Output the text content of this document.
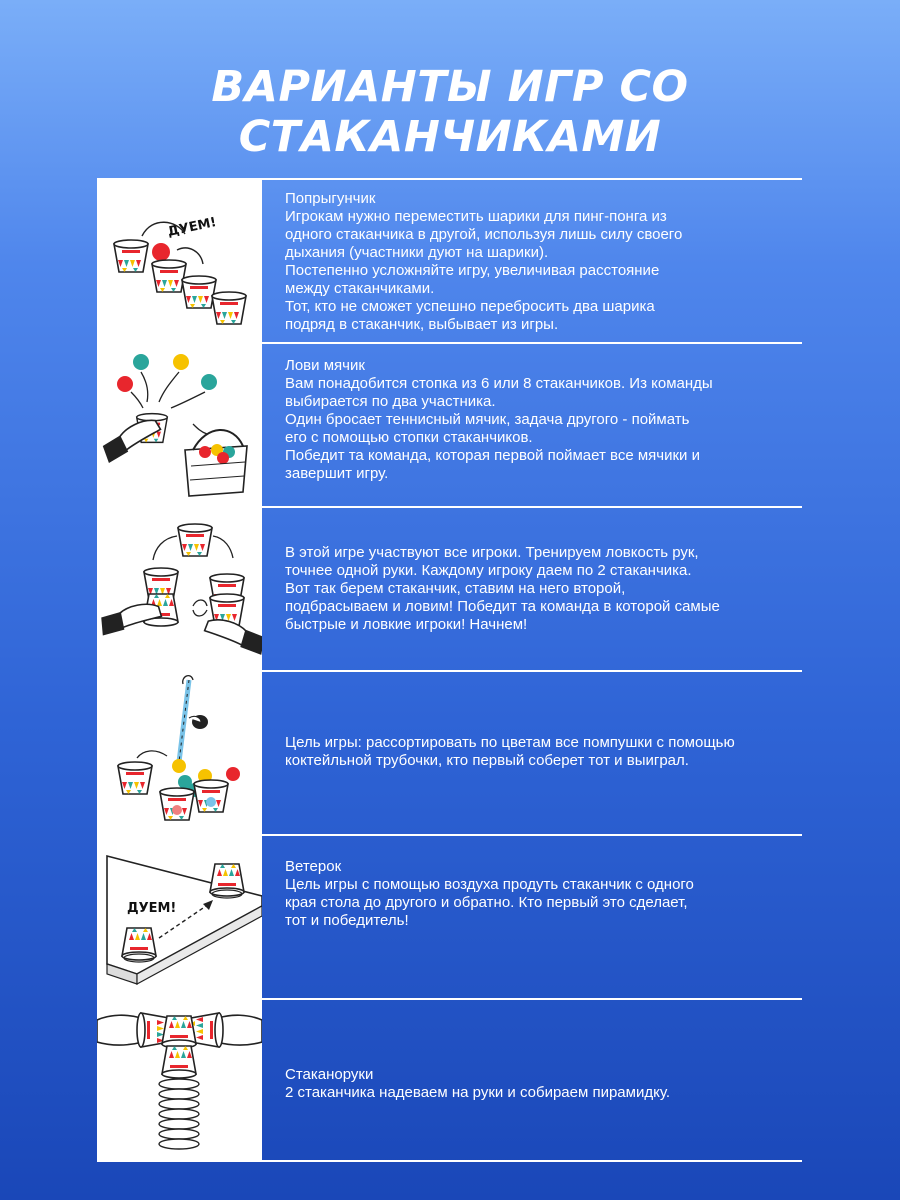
ВАРИАНТЫ ИГР СО СТАКАНЧИКАМИ
ДУЕМ!

Попрыгунчик

Игрокам нужно переместить шарики для пинг-понга из

одного стаканчика в другой, используя лишь силу своего

дыхания (участники дуют на шарики).

Постепенно усложняйте игру, увеличивая расстояние

между стаканчиками.

Тот, кто не сможет успешно перебросить два шарика

подряд в стаканчик, выбывает из игры.

Лови мячик

Вам понадобится стопка из 6 или 8 стаканчиков. Из команды

выбирается по два участника.

Один бросает теннисный мячик, задача другого - поймать

его с помощью стопки стаканчиков.

Победит та команда, которая первой поймает все мячики и

завершит игру.

В этой игре участвуют все игроки. Тренируем ловкость рук,

точнее одной руки. Каждому игроку даем по 2 стаканчика.

Вот так берем стаканчик, ставим на него второй,

подбрасываем и ловим! Победит та команда в которой самые

быстрые и ловкие игроки! Начнем!

Цель игры: рассортировать по цветам все помпушки с помощью

коктейльной трубочки, кто первый соберет тот и выиграл.

ДУЕМ!

Ветерок

Цель игры с помощью воздуха продуть стаканчик с одного

края стола до другого и обратно. Кто первый это сделает,

тот и победитель!

Стаканоруки

2 стаканчика надеваем на руки и собираем пирамидку.
